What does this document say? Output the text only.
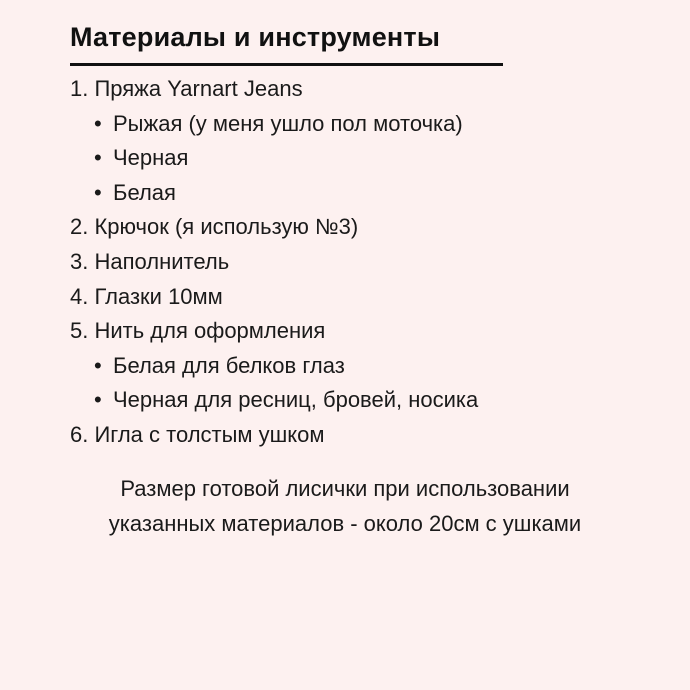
Материалы и инструменты
1. Пряжа Yarnart Jeans
• Рыжая (у меня ушло пол моточка)
• Черная
• Белая
2. Крючок (я использую №3)
3. Наполнитель
4. Глазки 10мм
5. Нить для оформления
• Белая для белков глаз
• Черная для ресниц, бровей, носика
6. Игла с толстым ушком
Размер готовой лисички при использовании
указанных материалов - около 20см с ушками
